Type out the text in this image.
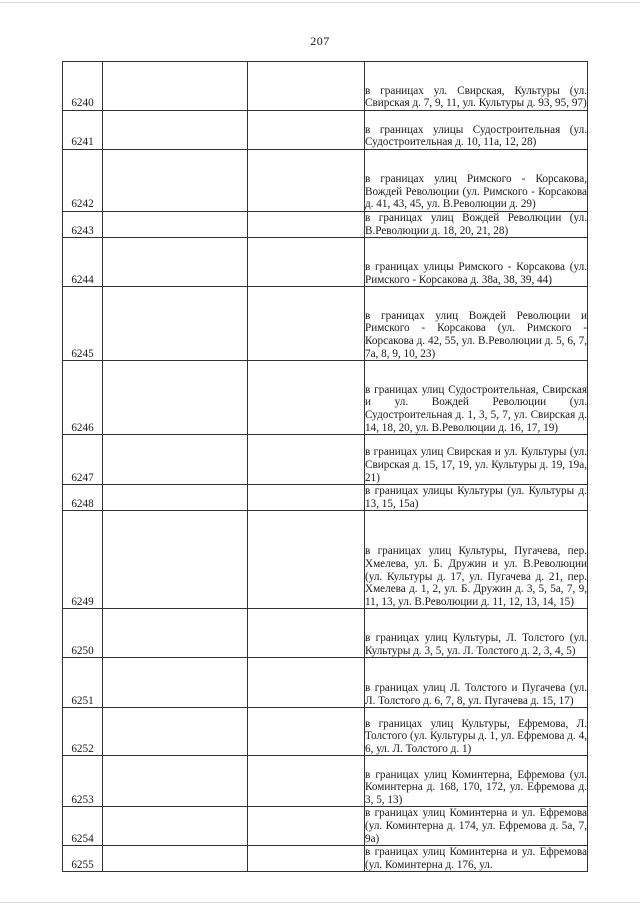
207
6240			в границах ул. Свирская, Культуры (ул. Свирская д. 7, 9, 11, ул. Культуры д. 93, 95, 97)
6241			в границах улицы Судостроительная (ул. Судостроительная д. 10, 11а, 12, 28)
6242			в границах улиц Римского - Корсакова, Вождей Революции (ул. Римского - Корсакова д. 41, 43, 45, ул. В.Революции д. 29)
6243			в границах улиц Вождей Революции (ул. В.Революции д. 18, 20, 21, 28)
6244			в границах улицы Римского - Корсакова (ул. Римского - Корсакова д. 38а, 38, 39, 44)
6245			в границах улиц Вождей Революции и Римского - Корсакова (ул. Римского - Корсакова д. 42, 55, ул. В.Революции д. 5, 6, 7, 7а, 8, 9, 10, 23)
6246			в границах улиц Судостроительная, Свирская и ул. Вождей Революции (ул. Судостроительная д. 1, 3, 5, 7, ул. Свирская д. 14, 18, 20, ул. В.Революции д. 16, 17, 19)
6247			в границах улиц Свирская и ул. Культуры (ул. Свирская д. 15, 17, 19, ул. Культуры д. 19, 19а, 21)
6248			в границах улицы Культуры (ул. Культуры д. 13, 15, 15а)
6249			в границах улиц Культуры, Пугачева, пер. Хмелева, ул. Б. Дружин и ул. В.Революции (ул. Культуры д. 17, ул. Пугачева д. 21, пер. Хмелева д. 1, 2, ул. Б. Дружин д. 3, 5, 5а, 7, 9, 11, 13, ул. В.Революции д. 11, 12, 13, 14, 15)
6250			в границах улиц Культуры, Л. Толстого (ул. Культуры д. 3, 5, ул. Л. Толстого д. 2, 3, 4, 5)
6251			в границах улиц Л. Толстого и Пугачева (ул. Л. Толстого д. 6, 7, 8, ул. Пугачева д. 15, 17)
6252			в границах улиц Культуры, Ефремова, Л. Толстого (ул. Культуры д. 1, ул. Ефремова д. 4, 6, ул. Л. Толстого д. 1)
6253			в границах улиц Коминтерна, Ефремова (ул. Коминтерна д. 168, 170, 172, ул. Ефремова д. 3, 5, 13)
6254			в границах улиц Коминтерна и ул. Ефремова (ул. Коминтерна д. 174, ул. Ефремова д. 5а, 7, 9а)
6255			в границах улиц Коминтерна и ул. Ефремова (ул. Коминтерна д. 176, ул.
